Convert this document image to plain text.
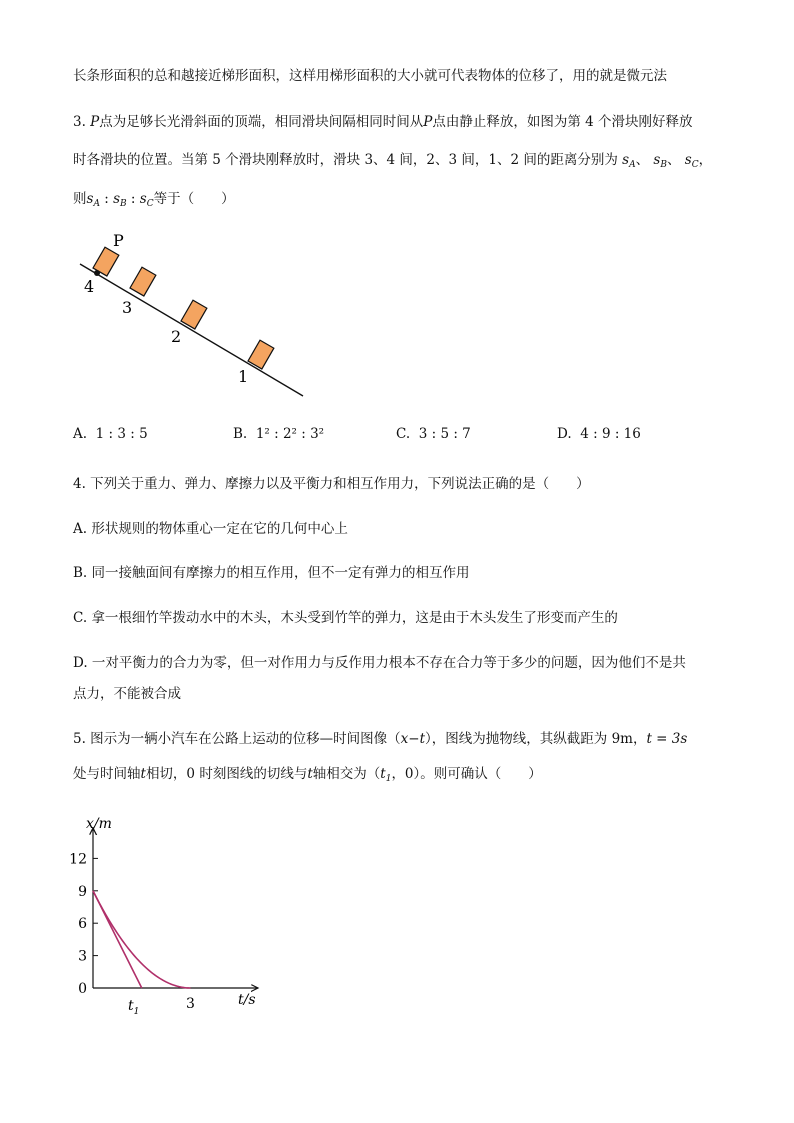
长条形面积的总和越接近梯形面积，这样用梯形面积的大小就可代表物体的位移了，用的就是微元法
3. P点为足够长光滑斜面的顶端，相同滑块间隔相同时间从P点由静止释放，如图为第 4 个滑块刚好释放
时各滑块的位置。当第 5 个滑块刚释放时，滑块 3、4 间，2、3 间，1、2 间的距离分别为 $s_A$、 $s_B$、 $s_C$，
则$s_A$ : $s_B$ : $s_C$等于（　　）
P
4
3
2
1
A. 1 : 3 : 5	B. 1² : 2² : 3²	C. 3 : 5 : 7	D. 4 : 9 : 16
4. 下列关于重力、弹力、摩擦力以及平衡力和相互作用力，下列说法正确的是（　　）
A. 形状规则的物体重心一定在它的几何中心上
B. 同一接触面间有摩擦力的相互作用，但不一定有弹力的相互作用
C. 拿一根细竹竿拨动水中的木头，木头受到竹竿的弹力，这是由于木头发生了形变而产生的
D. 一对平衡力的合力为零，但一对作用力与反作用力根本不存在合力等于多少的问题，因为他们不是共
点力，不能被合成
5. 图示为一辆小汽车在公路上运动的位移—时间图像（x−t），图线为抛物线，其纵截距为 9m，t = 3s
处与时间轴t相切，0 时刻图线的切线与t轴相交为（$t_1$，0）。则可确认（　　）
x/m
t/s
0
3
6
9
12
$t_1$	3
